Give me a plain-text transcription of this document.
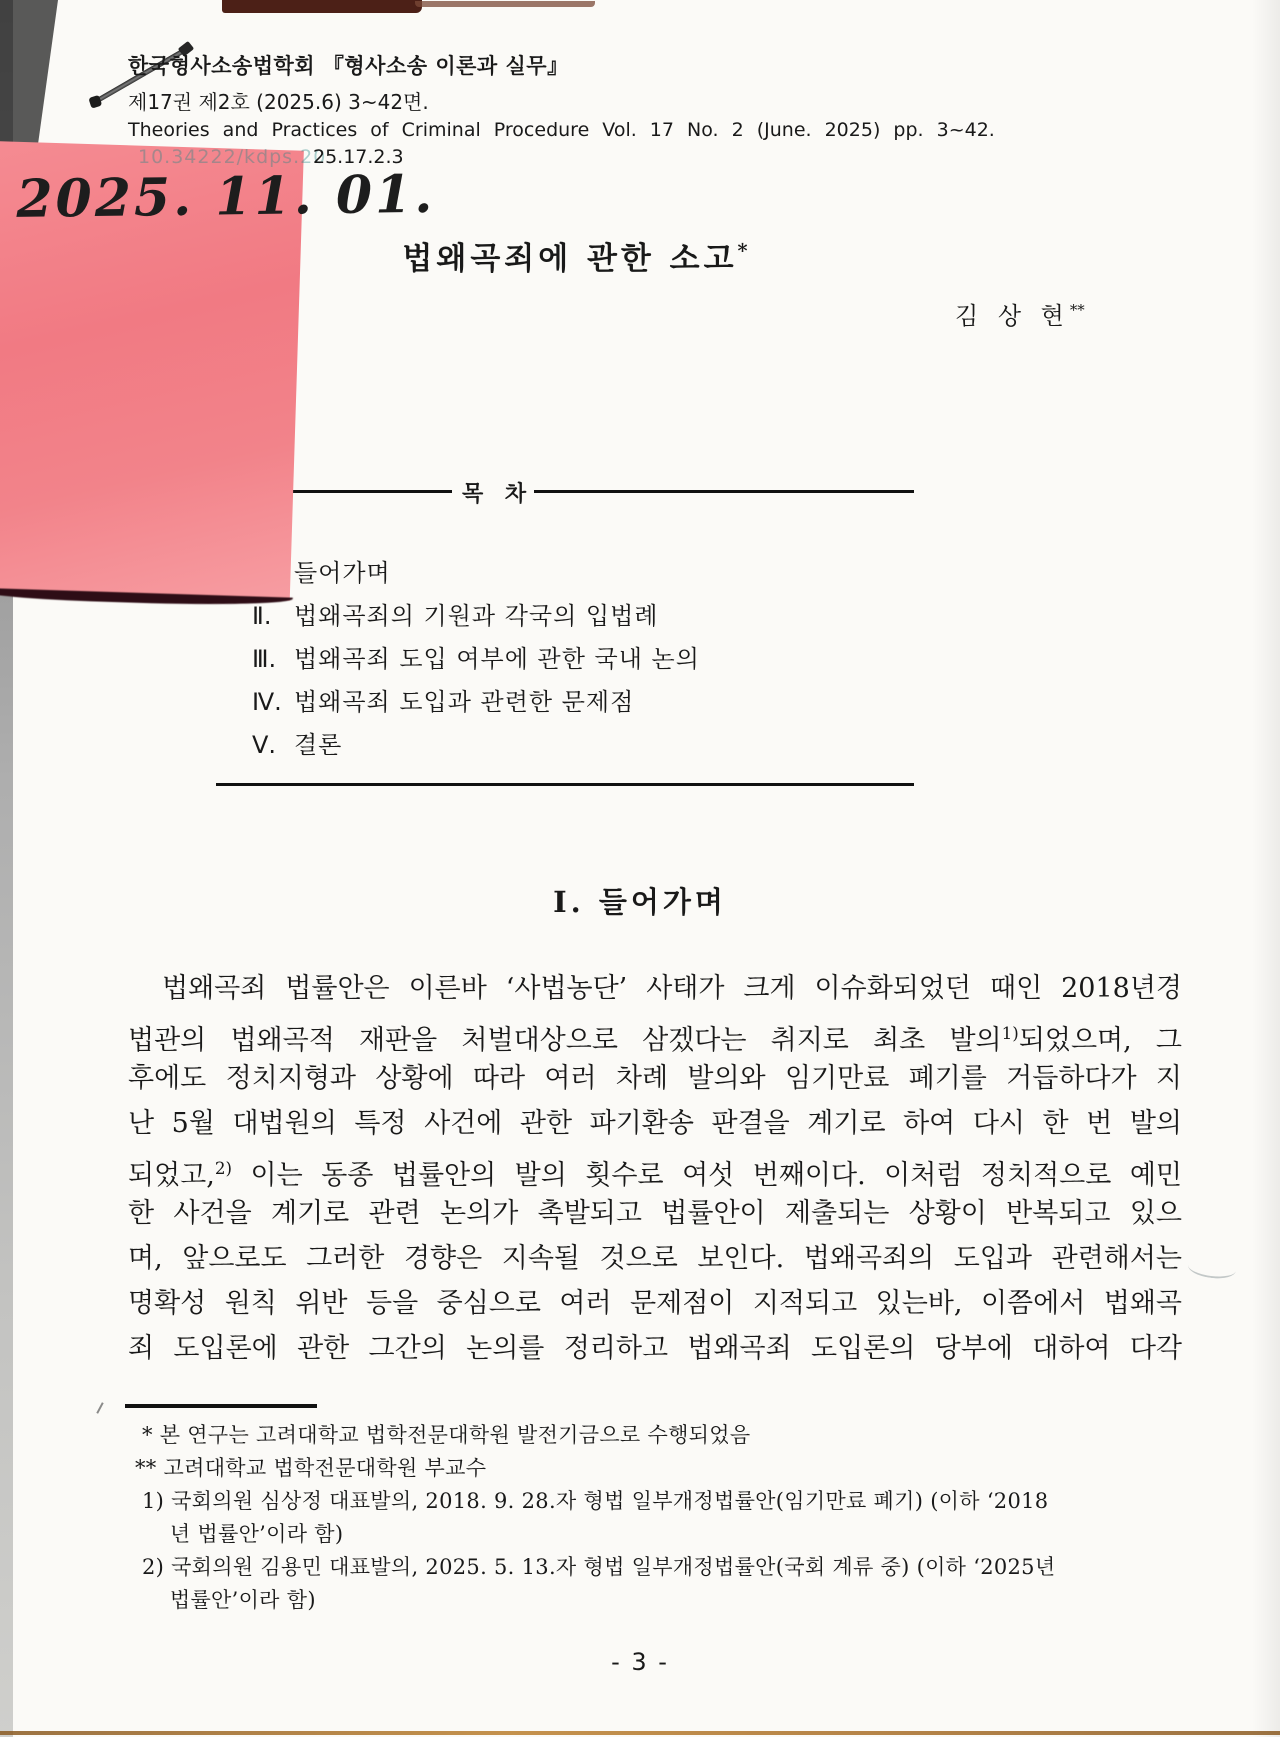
한국형사소송법학회 『형사소송 이론과 실무』
제17권 제2호 (2025.6) 3~42면.
Theories and Practices of Criminal Procedure Vol. 17 No. 2 (June. 2025) pp. 3~42.
25.17.2.3
2025. 11. 01.
10.34222/kdps.20
법왜곡죄에 관한 소고*
김 상 현**
목 차
들어가며
Ⅱ. 법왜곡죄의 기원과 각국의 입법례
Ⅲ. 법왜곡죄 도입 여부에 관한 국내 논의
Ⅳ. 법왜곡죄 도입과 관련한 문제점
Ⅴ. 결론
Ⅰ. 들어가며
법왜곡죄 법률안은 이른바 ‘사법농단’ 사태가 크게 이슈화되었던 때인 2018년경
법관의 법왜곡적 재판을 처벌대상으로 삼겠다는 취지로 최초 발의$^{1)}$되었으며, 그
후에도 정치지형과 상황에 따라 여러 차례 발의와 임기만료 폐기를 거듭하다가 지
난 5월 대법원의 특정 사건에 관한 파기환송 판결을 계기로 하여 다시 한 번 발의
되었고,$^{2)}$ 이는 동종 법률안의 발의 횟수로 여섯 번째이다. 이처럼 정치적으로 예민
한 사건을 계기로 관련 논의가 촉발되고 법률안이 제출되는 상황이 반복되고 있으
며, 앞으로도 그러한 경향은 지속될 것으로 보인다. 법왜곡죄의 도입과 관련해서는
명확성 원칙 위반 등을 중심으로 여러 문제점이 지적되고 있는바, 이쯤에서 법왜곡
죄 도입론에 관한 그간의 논의를 정리하고 법왜곡죄 도입론의 당부에 대하여 다각
* 본 연구는 고려대학교 법학전문대학원 발전기금으로 수행되었음
** 고려대학교 법학전문대학원 부교수
1) 국회의원 심상정 대표발의, 2018. 9. 28.자 형법 일부개정법률안(임기만료 폐기) (이하 ‘2018
년 법률안’이라 함)
2) 국회의원 김용민 대표발의, 2025. 5. 13.자 형법 일부개정법률안(국회 계류 중) (이하 ‘2025년
법률안’이라 함)
- 3 -
